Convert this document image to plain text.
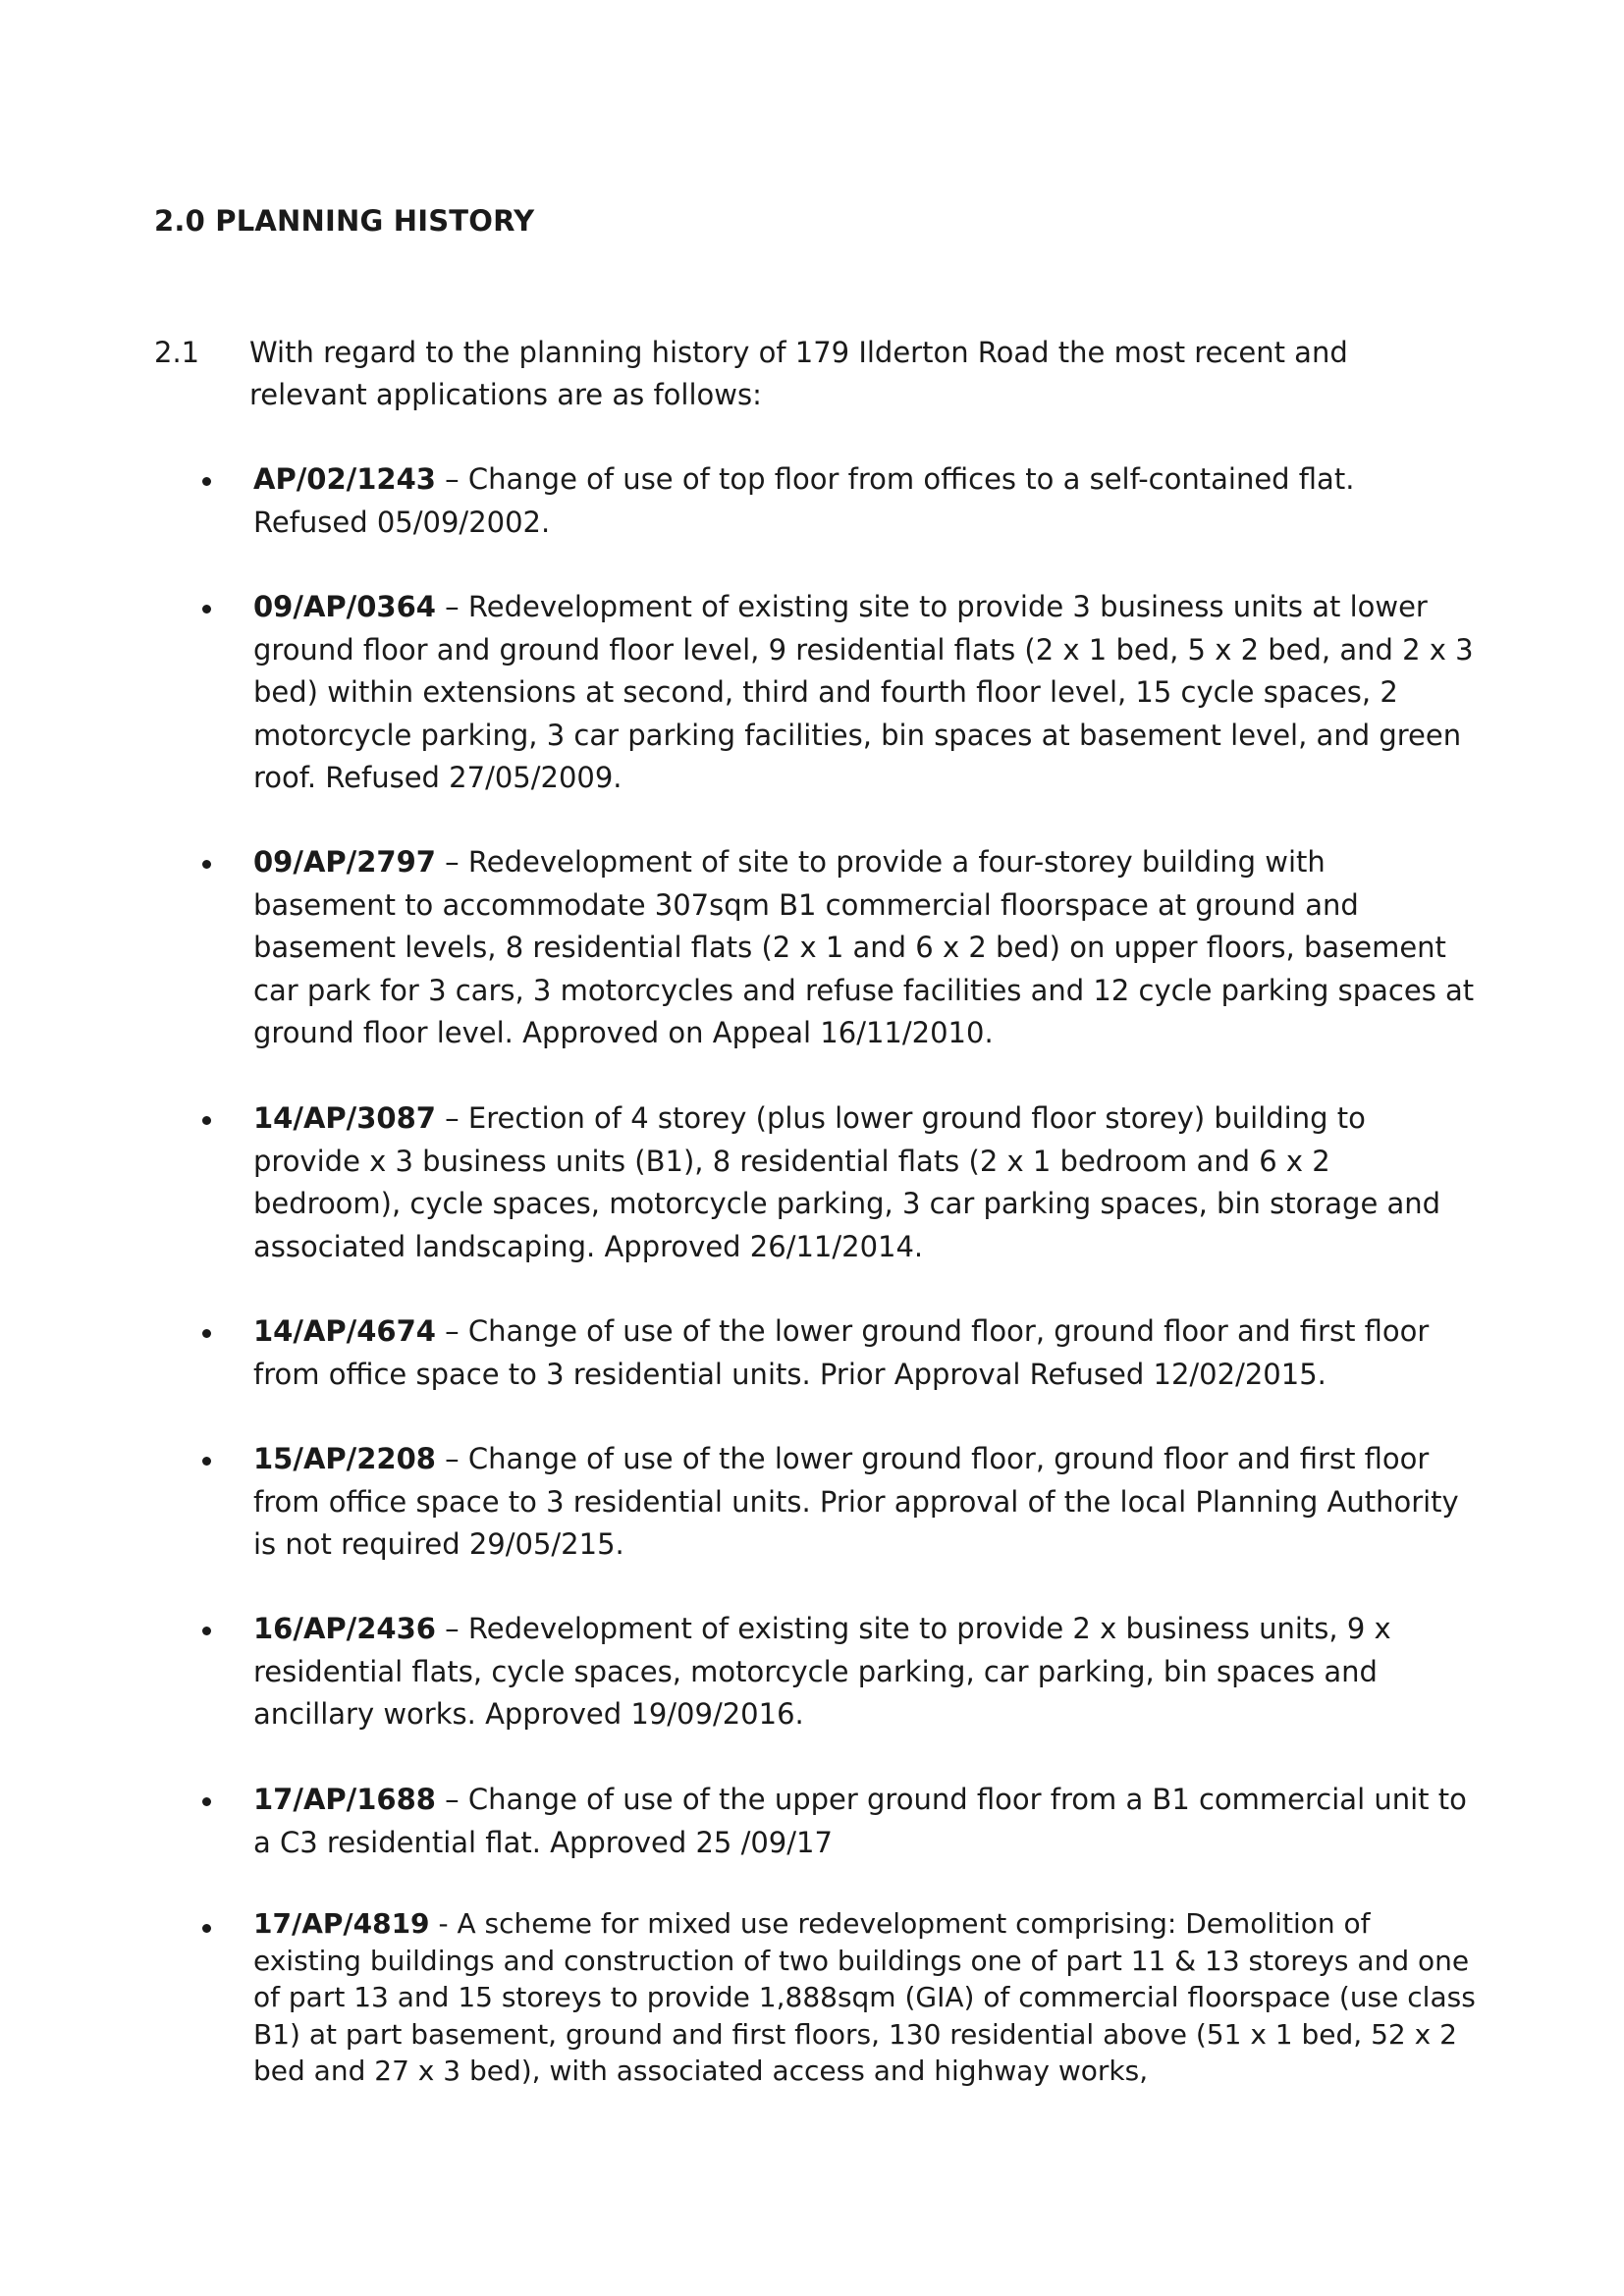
2.0 PLANNING HISTORY
2.1 With regard to the planning history of 179 Ilderton Road the most recent and relevant applications are as follows:
AP/02/1243 – Change of use of top floor from offices to a self-contained flat. Refused 05/09/2002.
09/AP/0364 – Redevelopment of existing site to provide 3 business units at lower ground floor and ground floor level, 9 residential flats (2 x 1 bed, 5 x 2 bed, and 2 x 3 bed) within extensions at second, third and fourth floor level, 15 cycle spaces, 2 motorcycle parking, 3 car parking facilities, bin spaces at basement level, and green roof. Refused 27/05/2009.
09/AP/2797 – Redevelopment of site to provide a four-storey building with basement to accommodate 307sqm B1 commercial floorspace at ground and basement levels, 8 residential flats (2 x 1 and 6 x 2 bed) on upper floors, basement car park for 3 cars, 3 motorcycles and refuse facilities and 12 cycle parking spaces at ground floor level. Approved on Appeal 16/11/2010.
14/AP/3087 – Erection of 4 storey (plus lower ground floor storey) building to provide x 3 business units (B1), 8 residential flats (2 x 1 bedroom and 6 x 2 bedroom), cycle spaces, motorcycle parking, 3 car parking spaces, bin storage and associated landscaping. Approved 26/11/2014.
14/AP/4674 – Change of use of the lower ground floor, ground floor and first floor from office space to 3 residential units. Prior Approval Refused 12/02/2015.
15/AP/2208 – Change of use of the lower ground floor, ground floor and first floor from office space to 3 residential units. Prior approval of the local Planning Authority is not required 29/05/215.
16/AP/2436 – Redevelopment of existing site to provide 2 x business units, 9 x residential flats, cycle spaces, motorcycle parking, car parking, bin spaces and ancillary works. Approved 19/09/2016.
17/AP/1688 – Change of use of the upper ground floor from a B1 commercial unit to a C3 residential flat. Approved 25 /09/17
17/AP/4819 - A scheme for mixed use redevelopment comprising: Demolition of existing buildings and construction of two buildings one of part 11 & 13 storeys and one of part 13 and 15 storeys to provide 1,888sqm (GIA) of commercial floorspace (use class B1) at part basement, ground and first floors, 130 residential above (51 x 1 bed, 52 x 2 bed and 27 x 3 bed), with associated access and highway works,
